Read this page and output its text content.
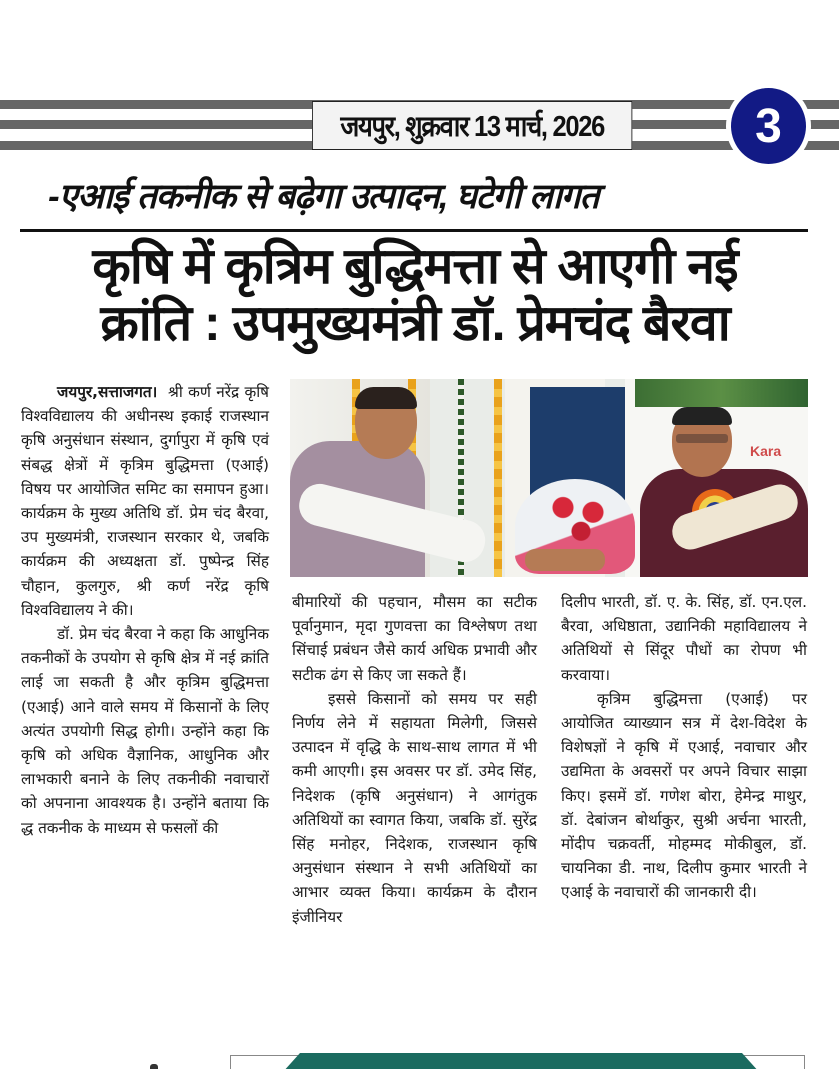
जयपुर, शुक्रवार 13 मार्च, 2026	3
-एआई तकनीक से बढ़ेगा उत्पादन, घटेगी लागत
कृषि में कृत्रिम बुद्धिमत्ता से आएगी नई
क्रांति : उपमुख्यमंत्री डॉ. प्रेमचंद बैरवा

जयपुर,सत्ताजगत। श्री कर्ण नरेंद्र कृषि विश्वविद्यालय की अधीनस्थ इकाई राजस्थान कृषि अनुसंधान संस्थान, दुर्गापुरा में कृषि एवं संबद्ध क्षेत्रों में कृत्रिम बुद्धिमत्ता (एआई) विषय पर आयोजित समिट का समापन हुआ। कार्यक्रम के मुख्य अतिथि डॉ. प्रेम चंद बैरवा, उप मुख्यमंत्री, राजस्थान सरकार थे, जबकि कार्यक्रम की अध्यक्षता डॉ. पुष्पेन्द्र सिंह चौहान, कुलगुरु, श्री कर्ण नरेंद्र कृषि विश्वविद्यालय ने की।

डॉ. प्रेम चंद बैरवा ने कहा कि आधुनिक तकनीकों के उपयोग से कृषि क्षेत्र में नई क्रांति लाई जा सकती है और कृत्रिम बुद्धिमत्ता (एआई) आने वाले समय में किसानों के लिए अत्यंत उपयोगी सिद्ध होगी। उन्होंने कहा कि कृषि को अधिक वैज्ञानिक, आधुनिक और लाभकारी बनाने के लिए तकनीकी नवाचारों को अपनाना आवश्यक है। उन्होंने बताया कि द्ध तकनीक के माध्यम से फसलों की

Kara

बीमारियों की पहचान, मौसम का सटीक पूर्वानुमान, मृदा गुणवत्ता का विश्लेषण तथा सिंचाई प्रबंधन जैसे कार्य अधिक प्रभावी और सटीक ढंग से किए जा सकते हैं।

इससे किसानों को समय पर सही निर्णय लेने में सहायता मिलेगी, जिससे उत्पादन में वृद्धि के साथ-साथ लागत में भी कमी आएगी। इस अवसर पर डॉ. उमेद सिंह, निदेशक (कृषि अनुसंधान) ने आगंतुक अतिथियों का स्वागत किया, जबकि डॉ. सुरेंद्र सिंह मनोहर, निदेशक, राजस्थान कृषि अनुसंधान संस्थान ने सभी अतिथियों का आभार व्यक्त किया। कार्यक्रम के दौरान इंजीनियर

दिलीप भारती, डॉ. ए. के. सिंह, डॉ. एन.एल. बैरवा, अधिष्ठाता, उद्यानिकी महाविद्यालय ने अतिथियों से सिंदूर पौधों का रोपण भी करवाया।

कृत्रिम बुद्धिमत्ता (एआई) पर आयोजित व्याख्यान सत्र में देश-विदेश के विशेषज्ञों ने कृषि में एआई, नवाचार और उद्यमिता के अवसरों पर अपने विचार साझा किए। इसमें डॉ. गणेश बोरा, हेमेन्द्र माथुर, डॉ. देबांजन बोर्थाकुर, सुश्री अर्चना भारती, मोंदीप चक्रवर्ती, मोहम्मद मोकीबुल, डॉ. चायनिका डी. नाथ, दिलीप कुमार भारती ने एआई के नवाचारों की जानकारी दी।
